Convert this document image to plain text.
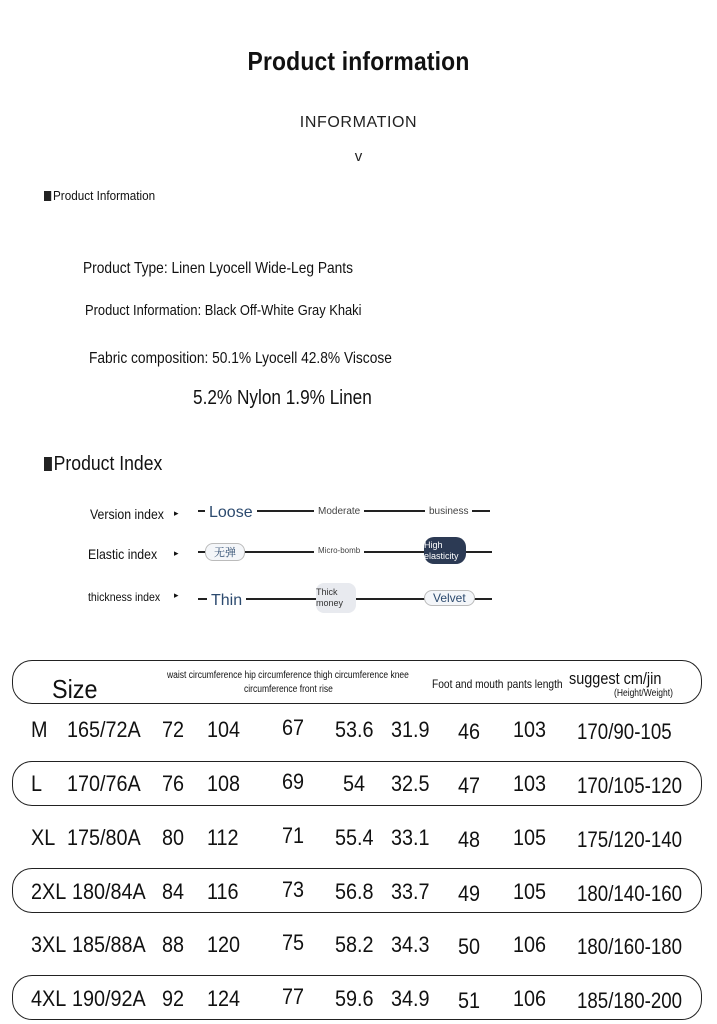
Product information
INFORMATION
v
Product Information
Product Type: Linen Lyocell Wide-Leg Pants
Product Information: Black Off-White Gray Khaki
Fabric composition: 50.1% Lyocell 42.8% Viscose
5.2% Nylon 1.9% Linen
Product Index
Version index ▸ Loose	Moderate	business
Elastic index ▸	无弹	Micro-bomb
High elasticity
thickness index ▸ Thin	Thick money	Velvet
Size	waist circumference hip circumference thigh circumference knee
circumference front rise	Foot and mouth pants length suggest cm/jin
(Height/Weight)
M 165/72A 72 104 67 53.6 31.9 46 103 170/90-105
L 170/76A 76 108 69 54 32.5 47 103 170/105-120
XL 175/80A 80 112 71 55.4 33.1 48 105 175/120-140
2XL 180/84A 84 116 73 56.8 33.7 49 105 180/140-160
3XL 185/88A 88 120 75 58.2 34.3 50 106 180/160-180
4XL 190/92A 92 124 77 59.6 34.9 51 106 185/180-200
